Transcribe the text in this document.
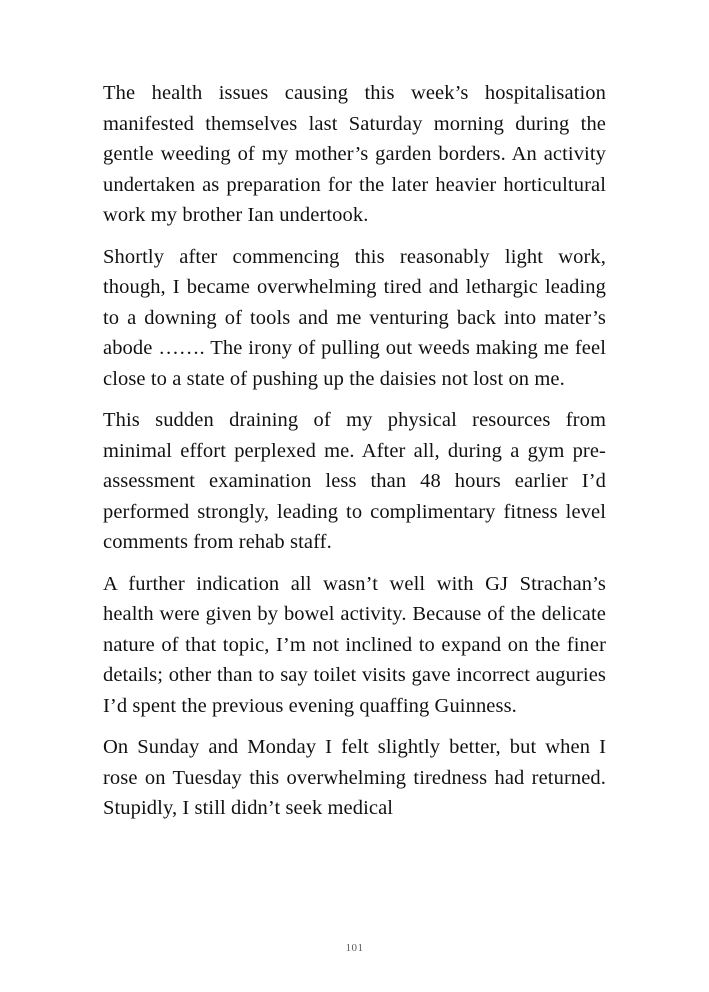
The health issues causing this week’s hospitalisation manifested themselves last Saturday morning during the gentle weeding of my mother’s garden borders. An activity undertaken as preparation for the later heavier horticultural work my brother Ian undertook.

Shortly after commencing this reasonably light work, though, I became overwhelming tired and lethargic leading to a downing of tools and me venturing back into mater’s abode ……. The irony of pulling out weeds making me feel close to a state of pushing up the daisies not lost on me.

This sudden draining of my physical resources from minimal effort perplexed me. After all, during a gym pre-assessment examination less than 48 hours earlier I’d performed strongly, leading to complimentary fitness level comments from rehab staff.

A further indication all wasn’t well with GJ Strachan’s health were given by bowel activity. Because of the delicate nature of that topic, I’m not inclined to expand on the finer details; other than to say toilet visits gave incorrect auguries I’d spent the previous evening quaffing Guinness.

On Sunday and Monday I felt slightly better, but when I rose on Tuesday this overwhelming tiredness had returned. Stupidly, I still didn’t seek medical

101
